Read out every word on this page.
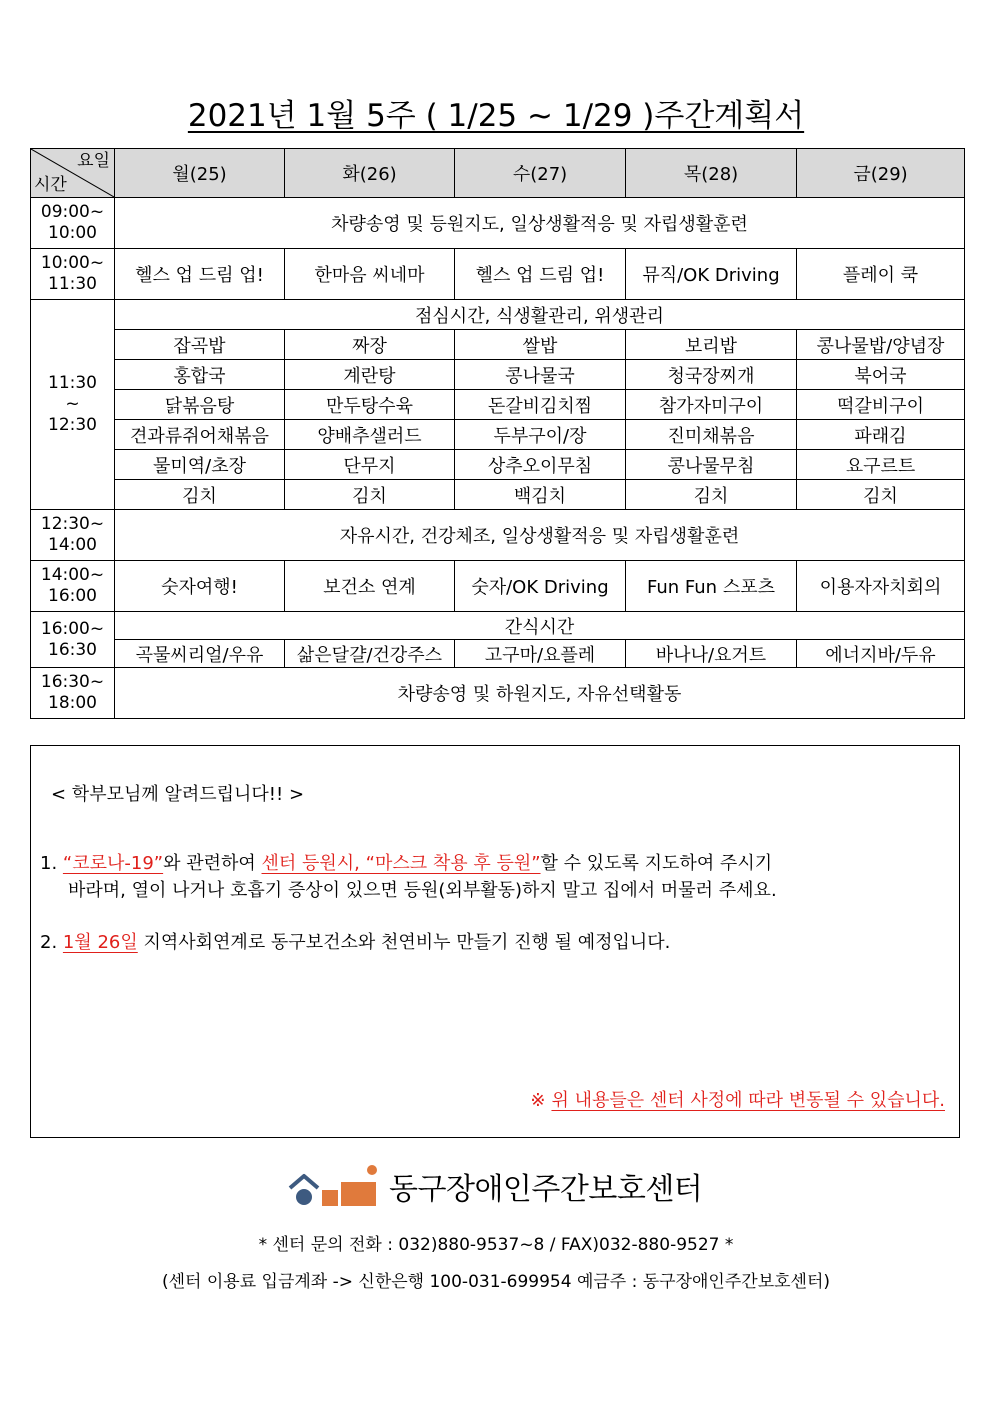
2021년 1월 5주 ( 1/25 ~ 1/29 )주간계획서
요일
시간	월(25)	화(26)	수(27)	목(28)	금(29)

09:00~
10:00	차량송영 및 등원지도, 일상생활적응 및 자립생활훈련				

10:00~
11:30	헬스 업 드림 업!	한마음 씨네마	헬스 업 드림 업!	뮤직/OK Driving	플레이 쿡

11:30
~
12:30	점심시간, 식생활관리, 위생관리				
	잡곡밥	짜장	쌀밥	보리밥	콩나물밥/양념장
	홍합국	계란탕	콩나물국	청국장찌개	북어국
	닭볶음탕	만두탕수육	돈갈비김치찜	참가자미구이	떡갈비구이
	견과류쥐어채볶음	양배추샐러드	두부구이/장	진미채볶음	파래김
	물미역/초장	단무지	상추오이무침	콩나물무침	요구르트
	김치	김치	백김치	김치	김치

12:30~
14:00	자유시간, 건강체조, 일상생활적응 및 자립생활훈련				

14:00~
16:00	숫자여행!	보건소 연계	숫자/OK Driving	Fun Fun 스포츠	이용자자치회의

16:00~
16:30	간식시간				
	곡물씨리얼/우유	삶은달걀/건강주스	고구마/요플레	바나나/요거트	에너지바/두유

16:30~
18:00	차량송영 및 하원지도, 자유선택활동				
< 학부모님께 알려드립니다!! >
1. “코로나-19”와 관련하여 센터 등원시, “마스크 착용 후 등원”할 수 있도록 지도하여 주시기
바라며, 열이 나거나 호흡기 증상이 있으면 등원(외부활동)하지 말고 집에서 머물러 주세요.
2. 1월 26일 지역사회연계로 동구보건소와 천연비누 만들기 진행 될 예정입니다.
※ 위 내용들은 센터 사정에 따라 변동될 수 있습니다.
동구장애인주간보호센터
* 센터 문의 전화 : 032)880-9537~8 / FAX)032-880-9527 *
(센터 이용료 입금계좌 -> 신한은행 100-031-699954 예금주 : 동구장애인주간보호센터)
